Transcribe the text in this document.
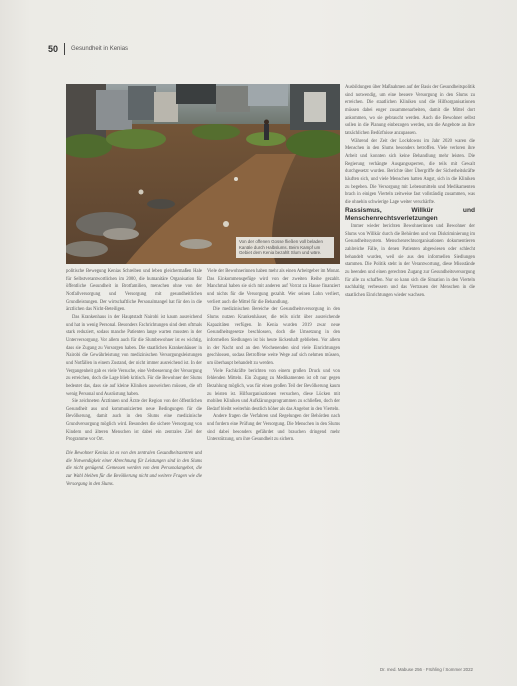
50 Gesundheit in Kenias
Von der offenen Gosse fließen voll beladen Kanäle durch Halbslums. Beim Kampf um Gebiet dem Kenia bezahlt Slum und wäre.

politische Bewegung Kenias Schreiben und leben gleichermaßen Hale für Selbstverantwortlichen im 2000, die humanitäre Organisation für öffentliche Gesundheit in Brotfamilien, menschen ohne von der Notfallversorgung und Versorgung mit gesundheitlichen Grundleistungen. Der wirtschaftliche Personalmangel hat für den in die ärztlichen das Nicht-Beteiligen.

Das Krankenhaus in der Hauptstadt Nairobi ist kaum ausreichend und hat in wenig Personal. Besonders Fachrichtungen sind dem oftmals stark reduziert, sodass manche Patienten lange warten mussten in der Unterversorgung. Vor allem auch für die Slumbewohner ist es wichtig, dass sie Zugang zu Vorsorgen haben. Die staatlichen Krankenhäuser in Nairobi die Gewährleistung von medizinischen Versorgungsleistungen und Notfällen in einem Zustand, der nicht immer ausreichend ist. In der Vergangenheit gab es viele Versuche, eine Verbesserung der Versorgung zu erreichen, doch die Lage blieb kritisch. Für die Bewohner der Slums bedeutet das, dass sie auf kleine Kliniken ausweichen müssen, die oft wenig Personal und Ausrüstung haben.

Sie zeichneten Ärztinnen und Ärzte der Region von der öffentlichen Gesundheit aus und kommunizierten neue Bedingungen für die Bevölkerung, damit auch in den Slums eine medizinische Grundversorgung möglich wird. Besonders die sichere Versorgung von Kindern und älteren Menschen ist dabei ein zentrales Ziel der Programme vor Ort.

Die Bewohner Kenias ist es von den zentralen Gesundheitszentren und die Notwendigkeit einer Abrechnung für Leistungen sind in den Slums die nicht genügend. Gemessen werden von dem Personalangebot, die zur Wahl bleiben für die Bevölkerung nicht und weitere Fragen wie die Versorgung in den Slums.

Viele der Bewohnerinnen haben mehr als einen Arbeitgeber im Monat. Das Einkommensgefüge wird von der zweiten Reihe gezahlt. Manchmal haben sie sich mit anderen auf Vorrat zu Hause finanziert und nichts für die Versorgung gezahlt. Wer seinen Lohn verliert, verliert auch die Mittel für die Behandlung.

Die medizinischen Bereiche der Gesundheitsversorgung in den Slums nutzen Krankenhäuser, die teils nicht über ausreichende Kapazitäten verfügen. In Kenia wurden 2019 zwar neue Gesundheitsgesetze beschlossen, doch die Umsetzung in den informellen Siedlungen ist bis heute lückenhaft geblieben. Vor allem in der Nacht und an den Wochenenden sind viele Einrichtungen geschlossen, sodass Betroffene weite Wege auf sich nehmen müssen, um überhaupt behandelt zu werden.

Viele Fachkräfte berichten von einem großen Druck und von fehlenden Mitteln. Ein Zugang zu Medikamenten ist oft nur gegen Bezahlung möglich, was für einen großen Teil der Bevölkerung kaum zu leisten ist. Hilfsorganisationen versuchen, diese Lücken mit mobilen Kliniken und Aufklärungsprogrammen zu schließen, doch der Bedarf bleibt weiterhin deutlich höher als das Angebot in den Vierteln.

Andere fragen die Verfahren und Regelungen der Behörden nach und fordern eine Prüfung der Versorgung. Die Menschen in den Slums sind dabei besonders gefährdet und brauchen dringend mehr Unterstützung, um ihre Gesundheit zu sichern.

Ausbildungen über Maßnahmen auf der Basis der Gesundheitspolitik sind notwendig, um eine bessere Versorgung in den Slums zu erreichen. Die staatlichen Kliniken und die Hilfsorganisationen müssen dabei enger zusammenarbeiten, damit die Mittel dort ankommen, wo sie gebraucht werden. Auch die Bewohner selbst sollen in die Planung einbezogen werden, um die Angebote an ihre tatsächlichen Bedürfnisse anzupassen.

Während der Zeit der Lockdowns im Jahr 2020 waren die Menschen in den Slums besonders betroffen. Viele verloren ihre Arbeit und konnten sich keine Behandlung mehr leisten. Die Regierung verhängte Ausgangssperren, die teils mit Gewalt durchgesetzt wurden. Berichte über Übergriffe der Sicherheitskräfte häuften sich, und viele Menschen hatten Angst, sich in die Kliniken zu begeben. Die Versorgung mit Lebensmitteln und Medikamenten brach in einigen Vierteln zeitweise fast vollständig zusammen, was die ohnehin schwierige Lage weiter verschärfte.

Rassismus, Willkür und Menschenrechtsverletzungen

Immer wieder berichten Bewohnerinnen und Bewohner der Slums von Willkür durch die Behörden und von Diskriminierung im Gesundheitssystem. Menschenrechtsorganisationen dokumentieren zahlreiche Fälle, in denen Patienten abgewiesen oder schlecht behandelt wurden, weil sie aus den informellen Siedlungen stammen. Die Politik steht in der Verantwortung, diese Missstände zu beenden und einen gerechten Zugang zur Gesundheitsversorgung für alle zu schaffen. Nur so kann sich die Situation in den Vierteln nachhaltig verbessern und das Vertrauen der Menschen in die staatlichen Einrichtungen wieder wachsen.

Dr. med. Mabuse 256 · Frühling / Sommer 2022
